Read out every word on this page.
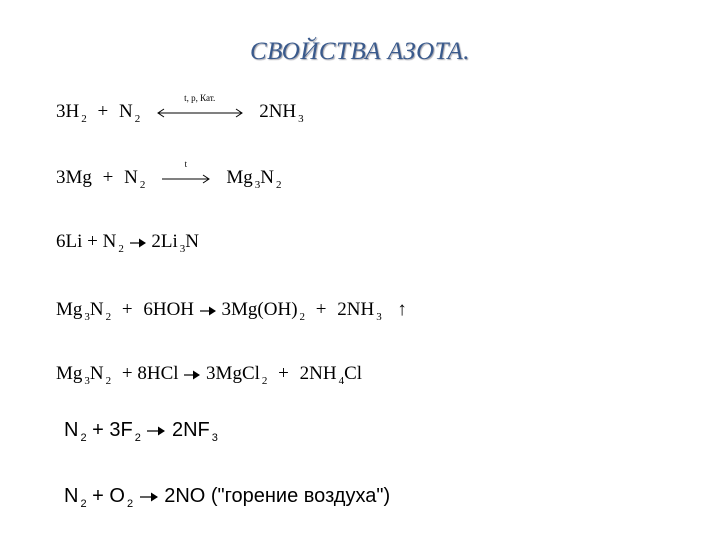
СВОЙСТВА АЗОТА.
3H $_2$ + N $_2$
t, p, Кат.
2NH $_3$
3Mg + N $_2$
t
Mg $_3$N $_2$
6Li + N $_2$ → 2Li $_3$N
Mg $_3$N $_2$ + 6HOH → 3Mg(OH) $_2$ + 2NH $_3$ ↑
Mg $_3$N $_2$ + 8HCl → 3MgCl $_2$ + 2NH $_4$Cl
N $_2$ + 3F $_2$ → 2NF $_3$
N $_2$ + O $_2$ → 2NO ("горение воздуха")
